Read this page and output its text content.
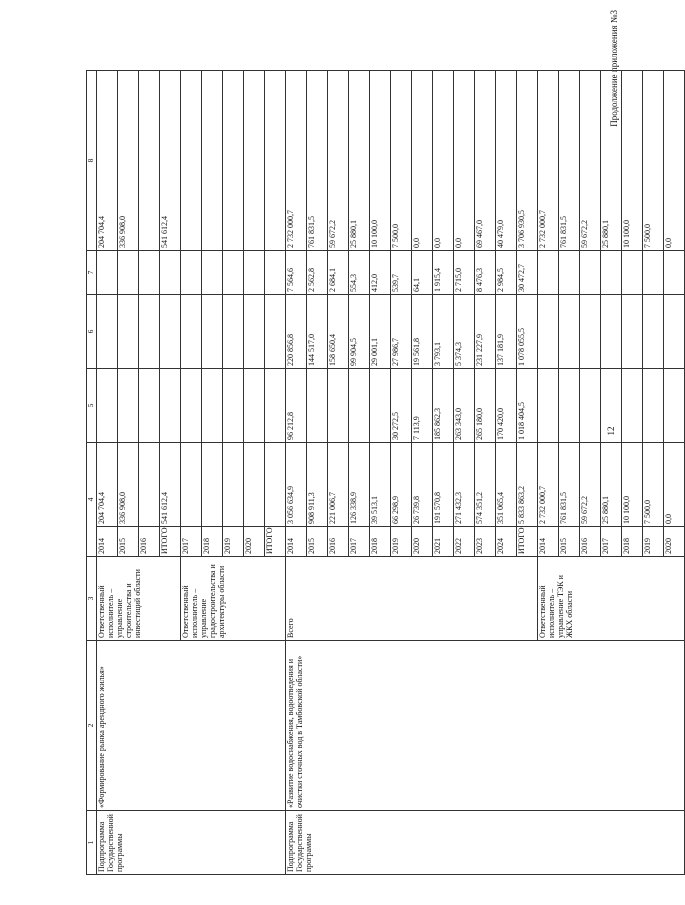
Продолжение приложения №3
12
1	2	3	4		5	6	7	8
Подпрограмма Государственной программы	«Формирование рынка арендного жилья»	Ответственный исполнитель – управление строительства и инвестиций области	2014	204 704,4				204 704,4
			2015	336 908,0				336 908,0
			2016					
			ИТОГО	541 612,4				541 612,4
		Ответственный исполнитель – управление градостроительства и архитектуры области	2017					
			2018					
			2019					
			2020					
			ИТОГО					
Подпрограмма Государственной программы	«Развитие водоснабжения, водоотведения и очистки сточных вод в Тамбовской области»	Всего	2014	3 056 634,9	96 212,8	220 856,8	7 564,6	2 732 000,7
			2015	908 911,3		144 517,0	2 562,8	761 831,5
			2016	221 006,7		158 650,4	2 684,1	59 672,2
			2017	126 338,9		99 904,5	554,3	25 880,1
			2018	39 513,1		29 001,1	412,0	10 100,0
			2019	66 298,9	30 272,5	27 986,7	539,7	7 500,0
			2020	26 739,8	7 113,9	19 561,8	64,1	0,0
			2021	191 570,8	185 862,3	3 793,1	1 915,4	0,0
			2022	271 432,3	263 343,0	5 374,3	2 715,0	0,0
			2023	574 351,2	265 180,0	231 227,9	8 476,3	69 467,0
			2024	351 065,4	170 420,0	137 181,9	2 984,5	40 479,0
			ИТОГО	5 833 863,2	1 018 404,5	1 078 055,5	30 472,7	3 706 930,5
		Ответственный исполнитель – управление ТЭК и ЖКХ области	2014	2 732 000,7				2 732 000,7
			2015	761 831,5				761 831,5
			2016	59 672,2				59 672,2
			2017	25 880,1				25 880,1
			2018	10 100,0				10 100,0
			2019	7 500,0				7 500,0
			2020	0,0				0,0
